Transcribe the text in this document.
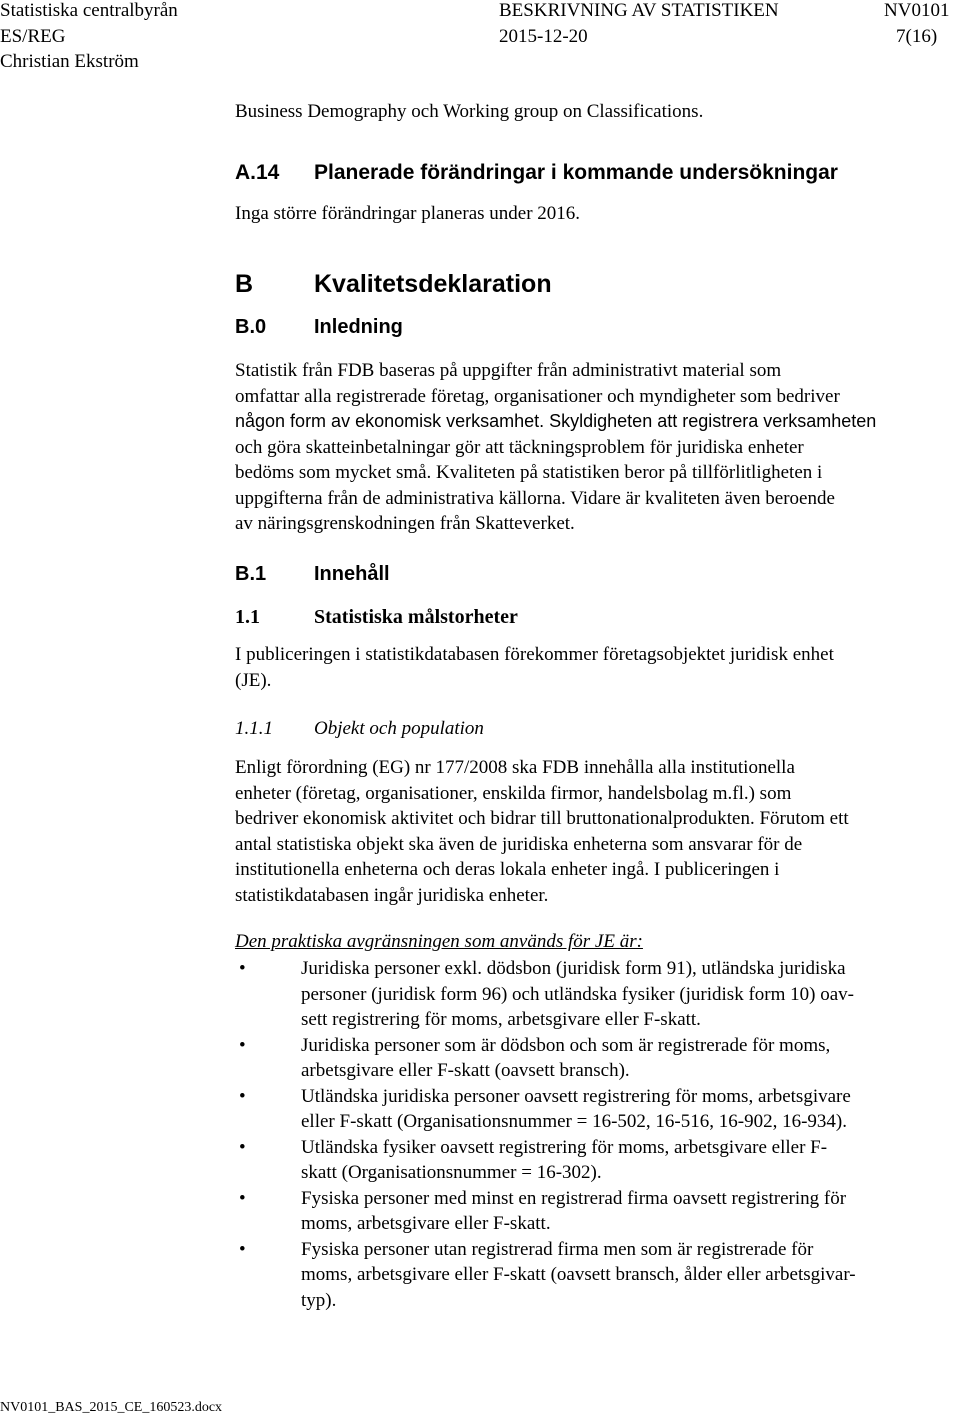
Statistiska centralbyrån	BESKRIVNING AV STATISTIKEN	NV0101
ES/REG	2015-12-20	7(16)
Christian Ekström
Business Demography och Working group on Classifications.
A.14 Planerade förändringar i kommande undersökningar
Inga större förändringar planeras under 2016.
B Kvalitetsdeklaration
B.0 Inledning
Statistik från FDB baseras på uppgifter från administrativt material som
omfattar alla registrerade företag, organisationer och myndigheter som bedriver
någon form av ekonomisk verksamhet. Skyldigheten att registrera verksamheten
och göra skatteinbetalningar gör att täckningsproblem för juridiska enheter
bedöms som mycket små. Kvaliteten på statistiken beror på tillförlitligheten i
uppgifterna från de administrativa källorna. Vidare är kvaliteten även beroende
av näringsgrenskodningen från Skatteverket.
B.1 Innehåll
1.1	Statistiska målstorheter
I publiceringen i statistikdatabasen förekommer företagsobjektet juridisk enhet
(JE).
1.1.1 Objekt och population
Enligt förordning (EG) nr 177/2008 ska FDB innehålla alla institutionella
enheter (företag, organisationer, enskilda firmor, handelsbolag m.fl.) som
bedriver ekonomisk aktivitet och bidrar till bruttonationalprodukten. Förutom ett
antal statistiska objekt ska även de juridiska enheterna som ansvarar för de
institutionella enheterna och deras lokala enheter ingå. I publiceringen i
statistikdatabasen ingår juridiska enheter.
Den praktiska avgränsningen som används för JE är:
•	Juridiska personer exkl. dödsbon (juridisk form 91), utländska juridiska
personer (juridisk form 96) och utländska fysiker (juridisk form 10) oav-
sett registrering för moms, arbetsgivare eller F-skatt.
•	Juridiska personer som är dödsbon och som är registrerade för moms,
arbetsgivare eller F-skatt (oavsett bransch).
•	Utländska juridiska personer oavsett registrering för moms, arbetsgivare
eller F-skatt (Organisationsnummer = 16-502, 16-516, 16-902, 16-934).
•	Utländska fysiker oavsett registrering för moms, arbetsgivare eller F-
skatt (Organisationsnummer = 16-302).
•	Fysiska personer med minst en registrerad firma oavsett registrering för
moms, arbetsgivare eller F-skatt.
•	Fysiska personer utan registrerad firma men som är registrerade för
moms, arbetsgivare eller F-skatt (oavsett bransch, ålder eller arbetsgivar-
typ).
NV0101_BAS_2015_CE_160523.docx
